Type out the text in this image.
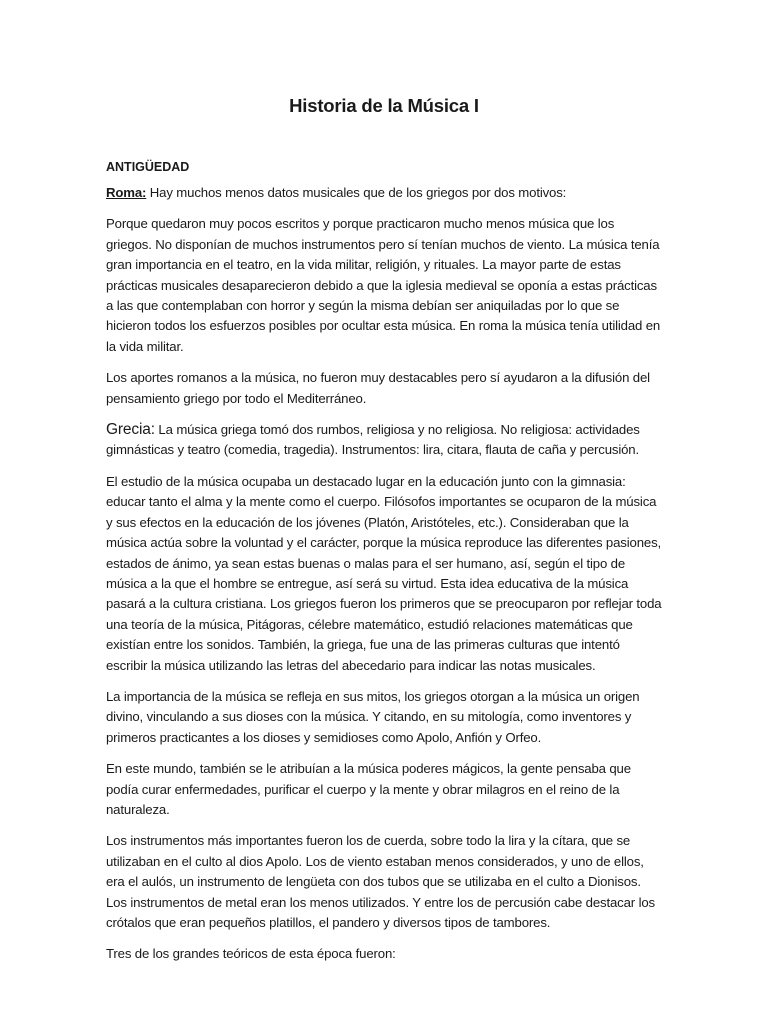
Historia de la Música I
ANTIGÜEDAD

Roma: Hay muchos menos datos musicales que de los griegos por dos motivos:

Porque quedaron muy pocos escritos y porque practicaron mucho menos música que los griegos. No disponían de muchos instrumentos pero sí tenían muchos de viento. La música tenía gran importancia en el teatro, en la vida militar, religión, y rituales. La mayor parte de estas prácticas musicales desaparecieron debido a que la iglesia medieval se oponía a estas prácticas a las que contemplaban con horror y según la misma debían ser aniquiladas por lo que se hicieron todos los esfuerzos posibles por ocultar esta música. En roma la música tenía utilidad en la vida militar.

Los aportes romanos a la música, no fueron muy destacables pero sí ayudaron a la difusión del pensamiento griego por todo el Mediterráneo.

Grecia: La música griega tomó dos rumbos, religiosa y no religiosa. No religiosa: actividades gimnásticas y teatro (comedia, tragedia). Instrumentos: lira, citara, flauta de caña y percusión.

El estudio de la música ocupaba un destacado lugar en la educación junto con la gimnasia: educar tanto el alma y la mente como el cuerpo. Filósofos importantes se ocuparon de la música y sus efectos en la educación de los jóvenes (Platón, Aristóteles, etc.). Consideraban que la música actúa sobre la voluntad y el carácter, porque la música reproduce las diferentes pasiones, estados de ánimo, ya sean estas buenas o malas para el ser humano, así, según el tipo de música a la que el hombre se entregue, así será su virtud. Esta idea educativa de la música pasará a la cultura cristiana. Los griegos fueron los primeros que se preocuparon por reflejar toda una teoría de la música, Pitágoras, célebre matemático, estudió relaciones matemáticas que existían entre los sonidos. También, la griega, fue una de las primeras culturas que intentó escribir la música utilizando las letras del abecedario para indicar las notas musicales.

La importancia de la música se refleja en sus mitos, los griegos otorgan a la música un origen divino, vinculando a sus dioses con la música. Y citando, en su mitología, como inventores y primeros practicantes a los dioses y semidioses como Apolo, Anfión y Orfeo.

En este mundo, también se le atribuían a la música poderes mágicos, la gente pensaba que podía curar enfermedades, purificar el cuerpo y la mente y obrar milagros en el reino de la naturaleza.

Los instrumentos más importantes fueron los de cuerda, sobre todo la lira y la cítara, que se utilizaban en el culto al dios Apolo. Los de viento estaban menos considerados, y uno de ellos, era el aulós, un instrumento de lengüeta con dos tubos que se utilizaba en el culto a Dionisos. Los instrumentos de metal eran los menos utilizados. Y entre los de percusión cabe destacar los crótalos que eran pequeños platillos, el pandero y diversos tipos de tambores.

Tres de los grandes teóricos de esta época fueron:
